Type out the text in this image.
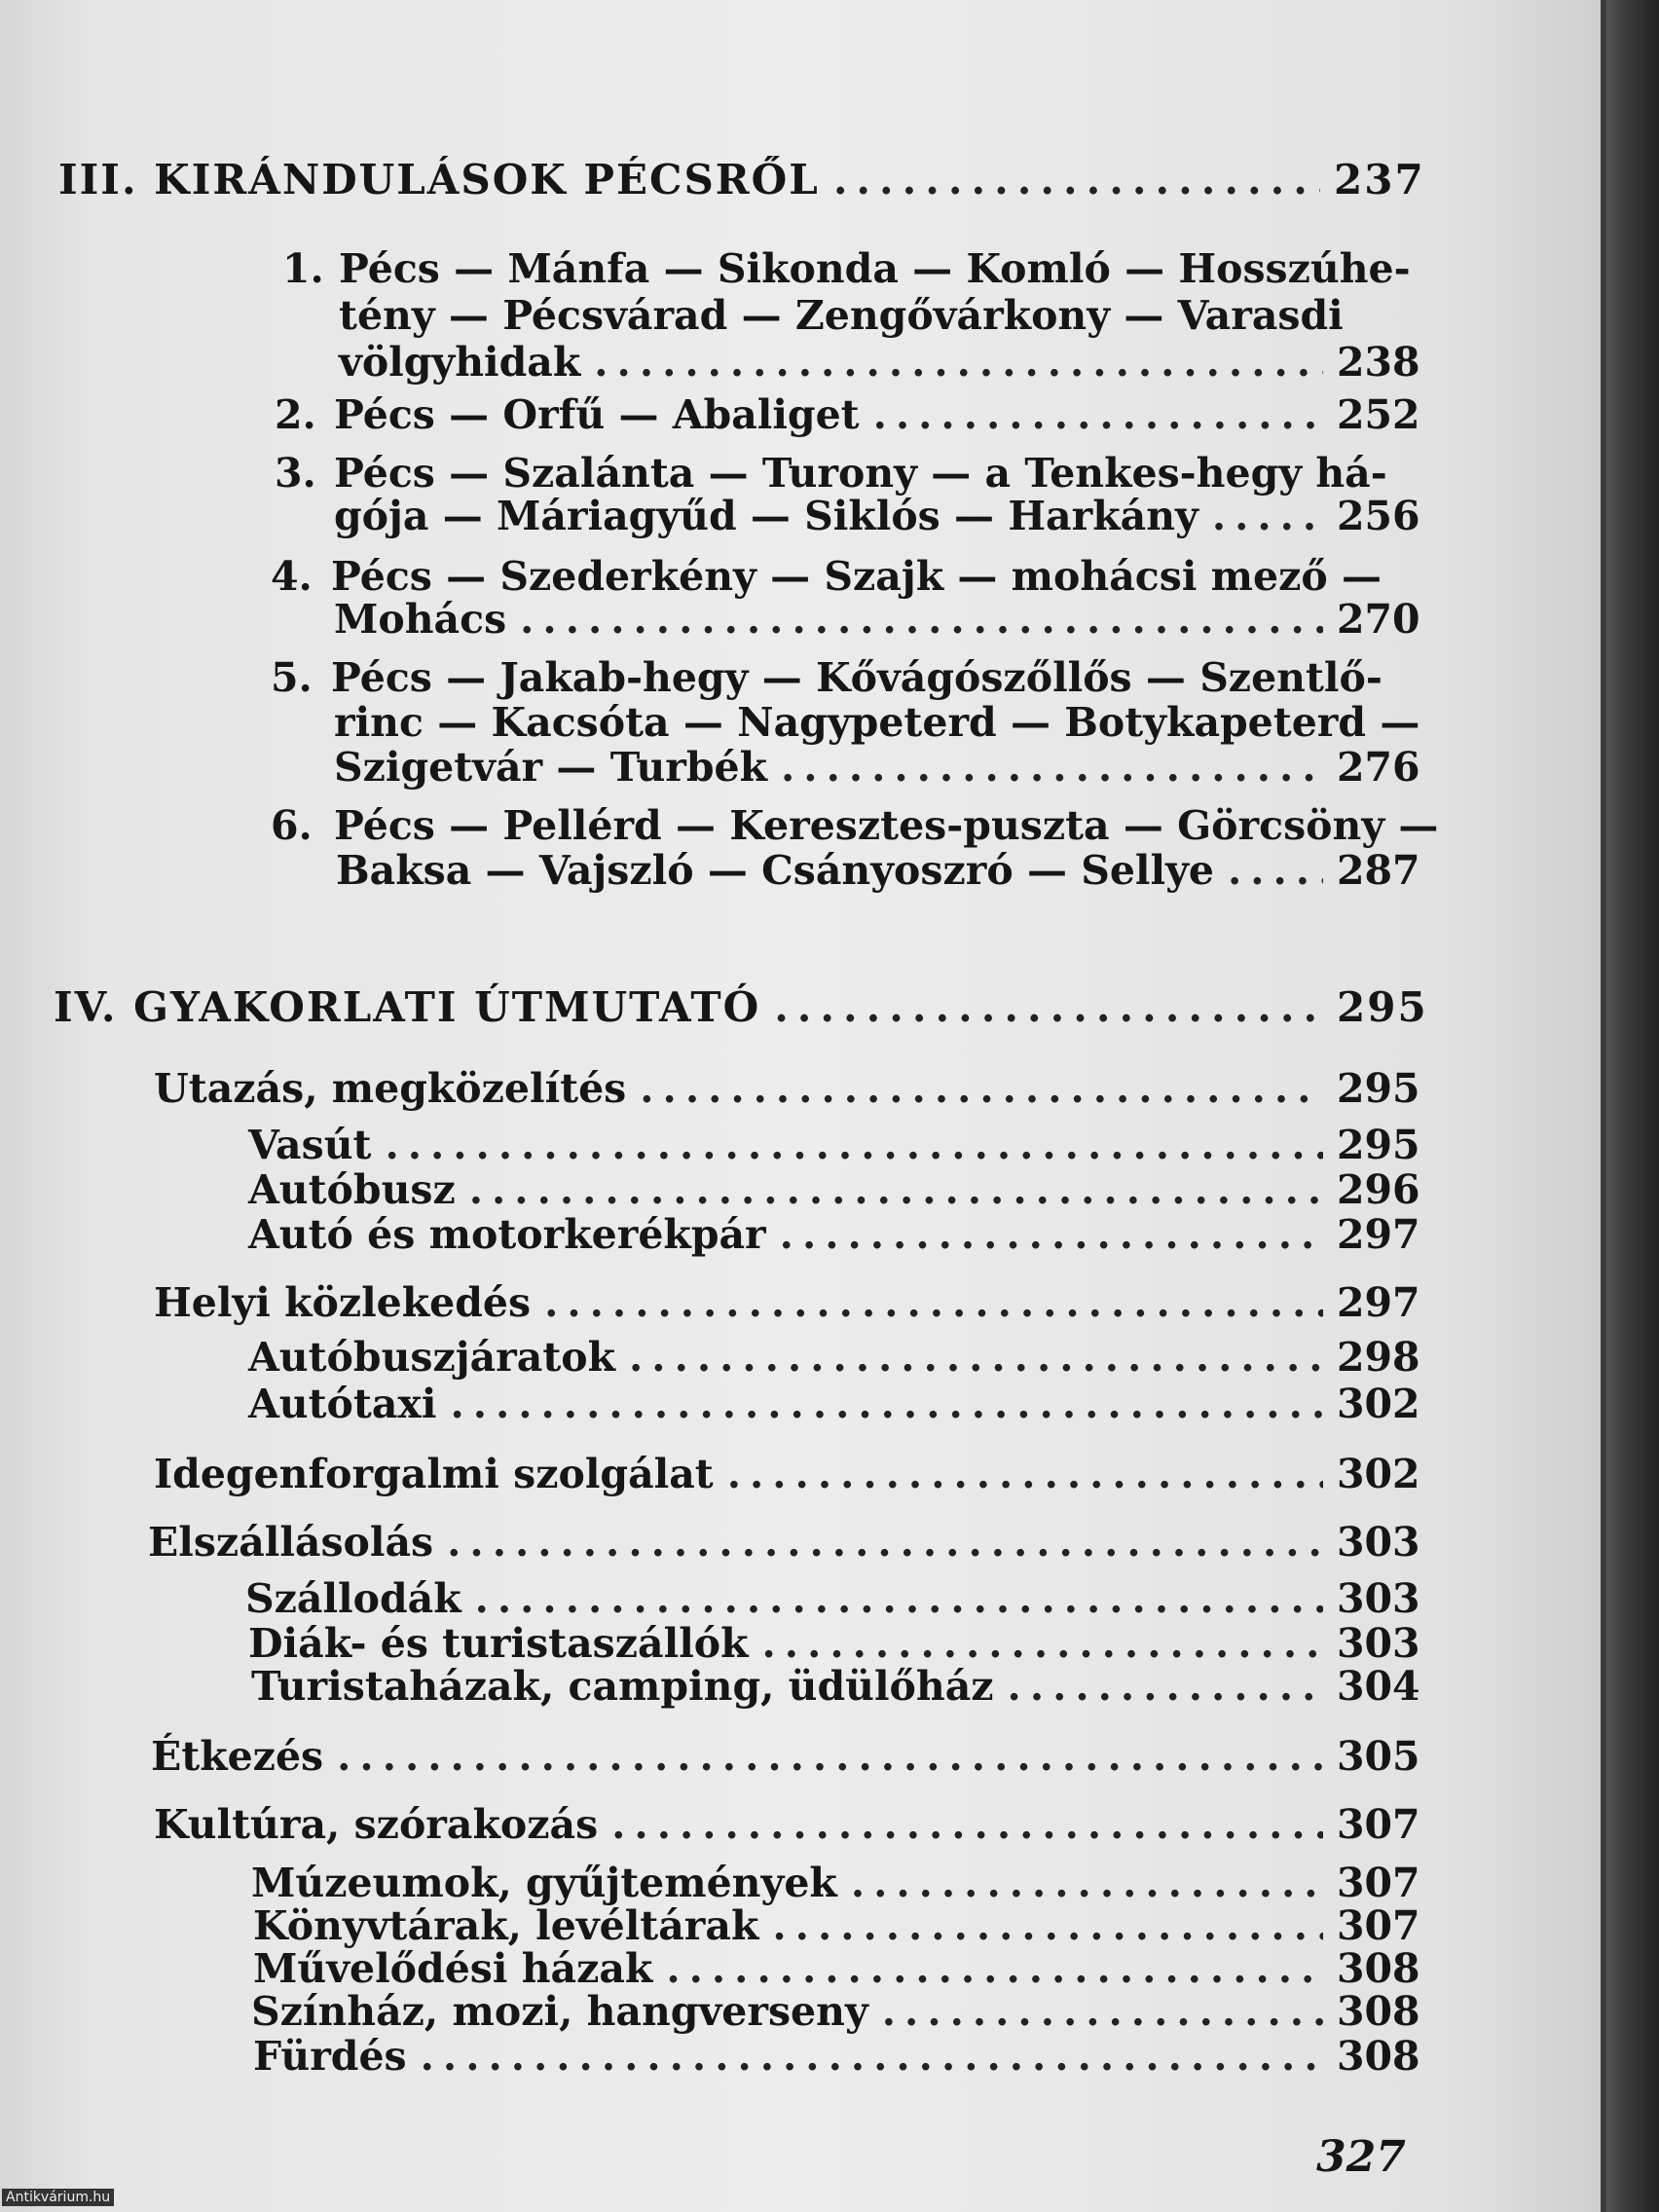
III. KIRÁNDULÁSOK PÉCSRŐL .....	237
1. Pécs — Mánfa — Sikonda — Komló — Hosszúhe-
tény — Pécsvárad — Zengővárkony — Varasdi
völgyhidak .....	238
2. Pécs — Orfű — Abaliget .....	252
3. Pécs — Szalánta — Turony — a Tenkes-hegy há-
gója — Máriagyűd — Siklós — Harkány .....	256
4. Pécs — Szederkény — Szajk — mohácsi mező —
Mohács .....	270
5. Pécs — Jakab-hegy — Kővágószőllős — Szentlő-
rinc — Kacsóta — Nagypeterd — Botykapeterd —
Szigetvár — Turbék .....	276
6. Pécs — Pellérd — Keresztes-puszta — Görcsöny —
Baksa — Vajszló — Csányoszró — Sellye .....	287
IV. GYAKORLATI ÚTMUTATÓ .....	295
Utazás, megközelítés .....	295
Vasút .....	295
Autóbusz .....	296
Autó és motorkerékpár .....	297
Helyi közlekedés .....	297
Autóbuszjáratok .....	298
Autótaxi .....	302
Idegenforgalmi szolgálat .....	302
Elszállásolás .....	303
Szállodák .....	303
Diák- és turistaszállók .....	303
Turistaházak, camping, üdülőház .....	304
Étkezés .....	305
Kultúra, szórakozás .....	307
Múzeumok, gyűjtemények .....	307
Könyvtárak, levéltárak .....	307
Művelődési házak .....	308
Színház, mozi, hangverseny .....	308
Fürdés .....	308
327
Antikvárium.hu
